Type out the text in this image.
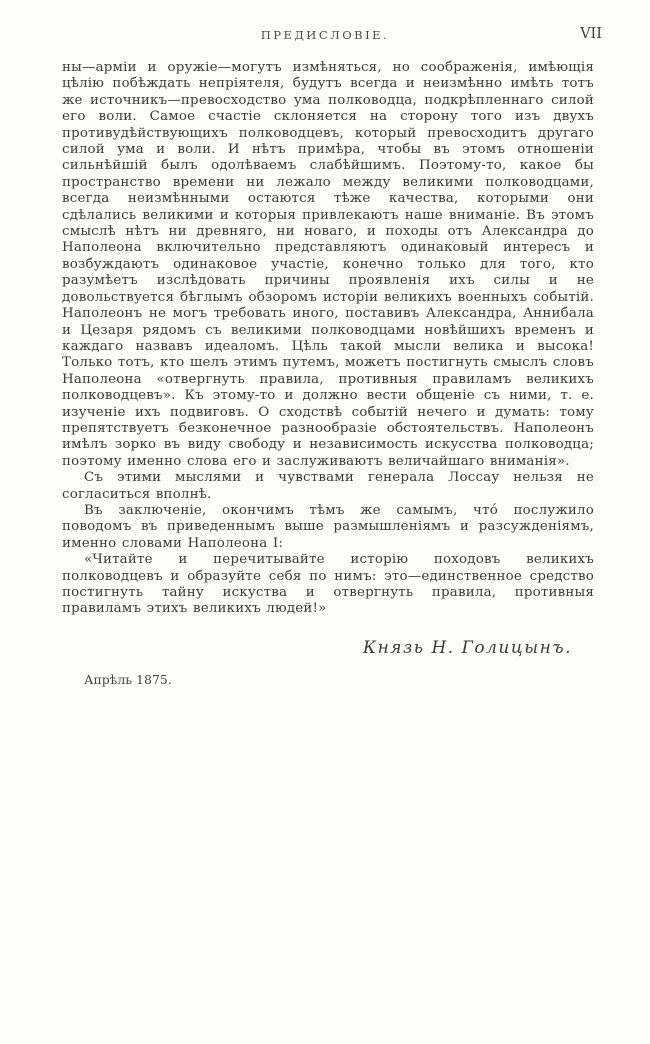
ПРЕДИСЛОВІЕ.	VII

ны—арміи и оружіе—могутъ измѣняться, но соображенія, имѣющія цѣлію побѣждать непріятеля, будутъ всегда и неизмѣнно имѣть тотъ же источникъ—превосходство ума полководца, подкрѣпленнаго силой его воли. Самое счастіе склоняется на сторону того изъ двухъ противудѣйствующихъ полководцевъ, который превосходитъ другаго силой ума и воли. И нѣтъ примѣра, чтобы въ этомъ отношеніи сильнѣйшій былъ одолѣваемъ слабѣйшимъ. Поэтому-то, какое бы пространство времени ни лежало между великими полководцами, всегда неизмѣнными остаются тѣже качества, которыми они сдѣлались великими и которыя привлекаютъ наше вниманіе. Въ этомъ смыслѣ нѣтъ ни древняго, ни новаго, и походы отъ Александра до Наполеона включительно представляютъ одинаковый интересъ и возбуждаютъ одинаковое участіе, конечно только для того, кто разумѣетъ изслѣдовать причины проявленія ихъ силы и не довольствуется бѣглымъ обзоромъ исторіи великихъ военныхъ событій. Наполеонъ не могъ требовать иного, поставивъ Александра, Аннибала и Цезаря рядомъ съ великими полководцами новѣйшихъ временъ и каждаго назвавъ идеаломъ. Цѣль такой мысли велика и высока! Только тотъ, кто шелъ этимъ путемъ, можетъ постигнуть смыслъ словъ Наполеона «отвергнуть правила, противныя правиламъ великихъ полководцевъ». Къ этому-то и должно вести общеніе съ ними, т. е. изученіе ихъ подвиговъ. О сходствѣ событій нечего и думать: тому препятствуетъ безконечное разнообразіе обстоятельствъ. Наполеонъ имѣлъ зорко въ виду свободу и независимость искусства полководца; поэтому именно слова его и заслуживаютъ величайшаго вниманія».

Съ этими мыслями и чувствами генерала Лоссау нельзя не согласиться вполнѣ.

Въ заключеніе, окончимъ тѣмъ же самымъ, чтó послужило поводомъ въ приведеннымъ выше размышленіямъ и разсужденіямъ, именно словами Наполеона I:

«Читайте и перечитывайте исторію походовъ великихъ полководцевъ и образуйте себя по нимъ: это—единственное средство постигнуть тайну искуства и отвергнуть правила, противныя правиламъ этихъ великихъ людей!»

Князь Н. Голицынъ.
Апрѣль 1875.
